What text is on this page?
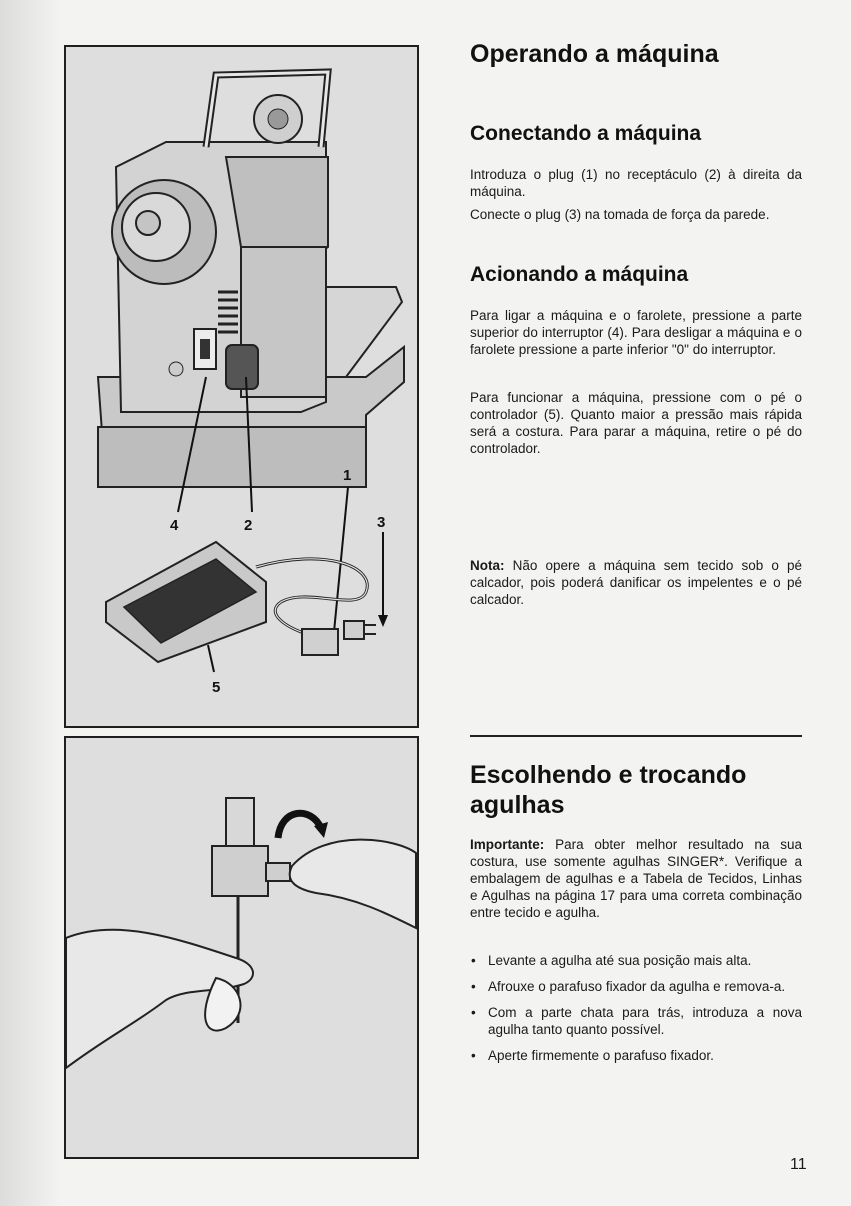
1
2	3
4
5
Operando a máquina
Conectando a máquina

Introduza o plug (1) no receptáculo (2) à direita da máquina.

Conecte o plug (3) na tomada de força da parede.

Acionando a máquina

Para ligar a máquina e o farolete, pressione a parte superior do interruptor (4). Para desligar a máquina e o farolete pressione a parte inferior "0" do interruptor.

Para funcionar a máquina, pressione com o pé o controlador (5). Quanto maior a pressão mais rápida será a costura. Para parar a máquina, retire o pé do controlador.

Nota: Não opere a máquina sem tecido sob o pé calcador, pois poderá danificar os impelentes e o pé calcador.

Escolhendo e trocando agulhas

Importante: Para obter melhor resultado na sua costura, use somente agulhas SINGER*. Verifique a embalagem de agulhas e a Tabela de Tecidos, Linhas e Agulhas na página 17 para uma correta combinação entre tecido e agulha.

• Levante a agulha até sua posição mais alta.
• Afrouxe o parafuso fixador da agulha e remova-a.
• Com a parte chata para trás, introduza a nova agulha tanto quanto possível.
• Aperte firmemente o parafuso fixador.
11
